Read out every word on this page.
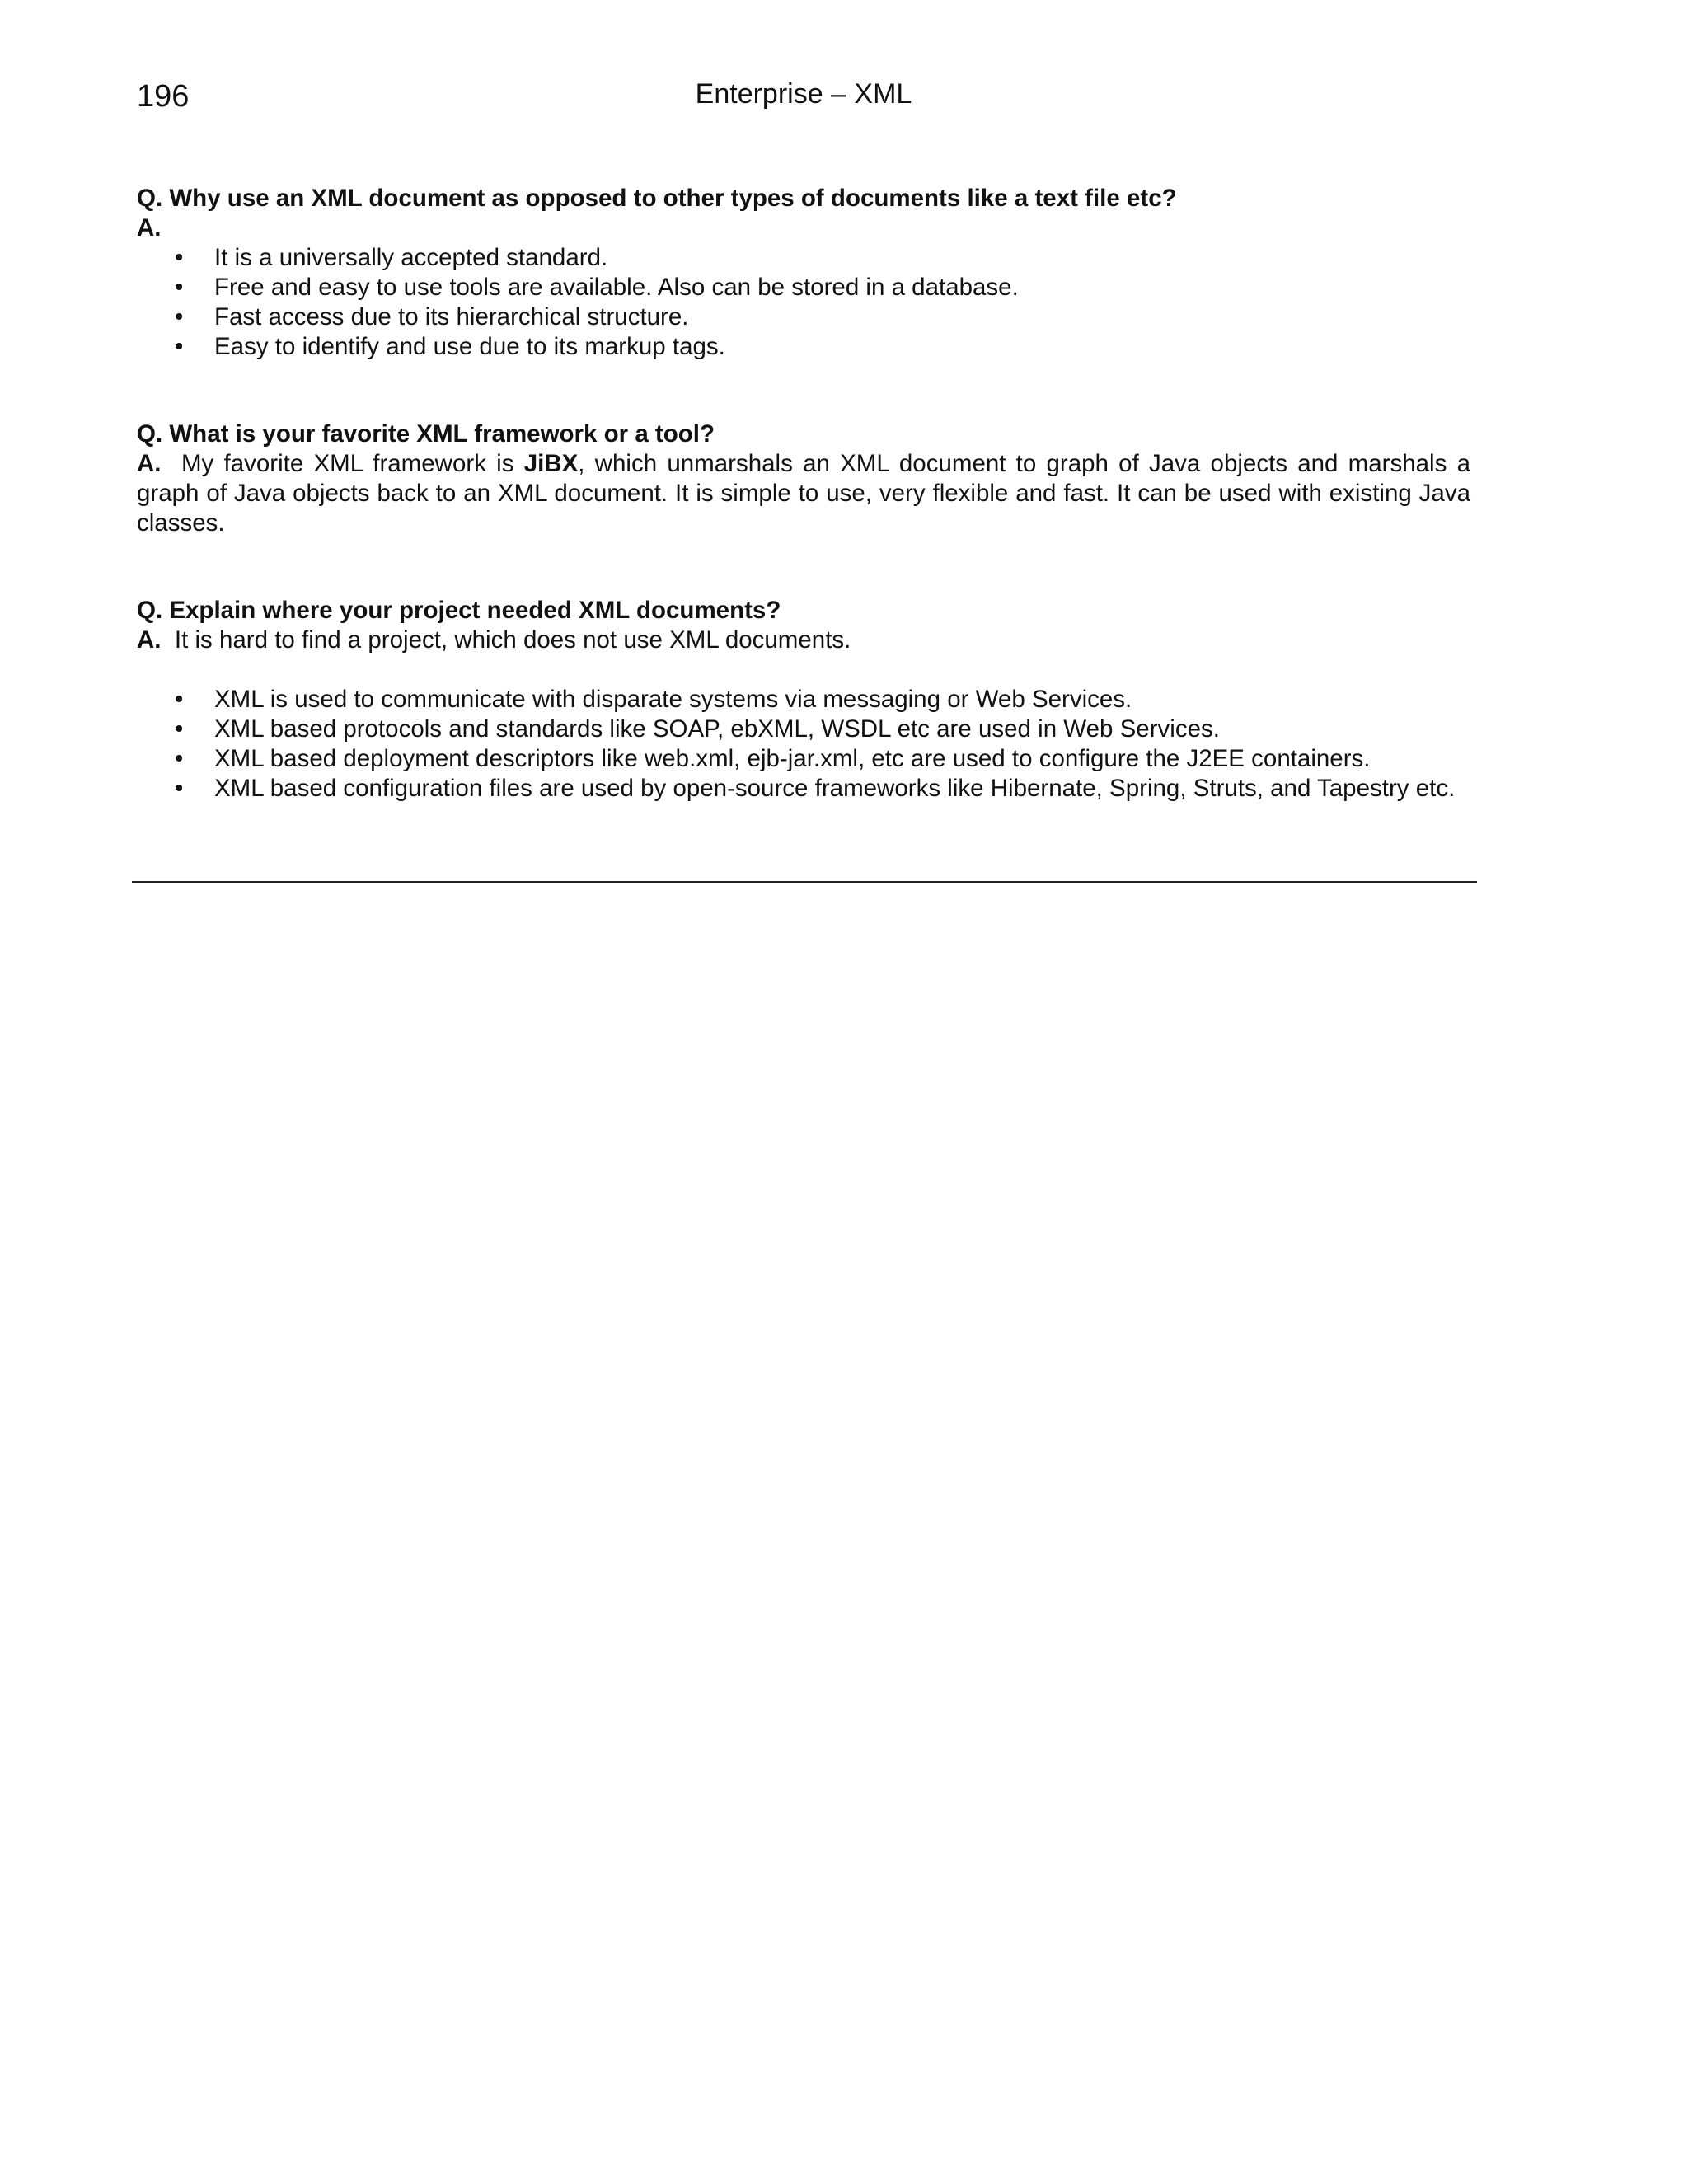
196	Enterprise – XML

Q. Why use an XML document as opposed to other types of documents like a text file etc?

A.

• It is a universally accepted standard.
• Free and easy to use tools are available. Also can be stored in a database.
• Fast access due to its hierarchical structure.
• Easy to identify and use due to its markup tags.

Q. What is your favorite XML framework or a tool?

A. My favorite XML framework is JiBX, which unmarshals an XML document to graph of Java objects and marshals a graph of Java objects back to an XML document. It is simple to use, very flexible and fast. It can be used with existing Java classes.

Q. Explain where your project needed XML documents?

A. It is hard to find a project, which does not use XML documents.

• XML is used to communicate with disparate systems via messaging or Web Services.
• XML based protocols and standards like SOAP, ebXML, WSDL etc are used in Web Services.
• XML based deployment descriptors like web.xml, ejb-jar.xml, etc are used to configure the J2EE containers.
• XML based configuration files are used by open-source frameworks like Hibernate, Spring, Struts, and Tapestry etc.
